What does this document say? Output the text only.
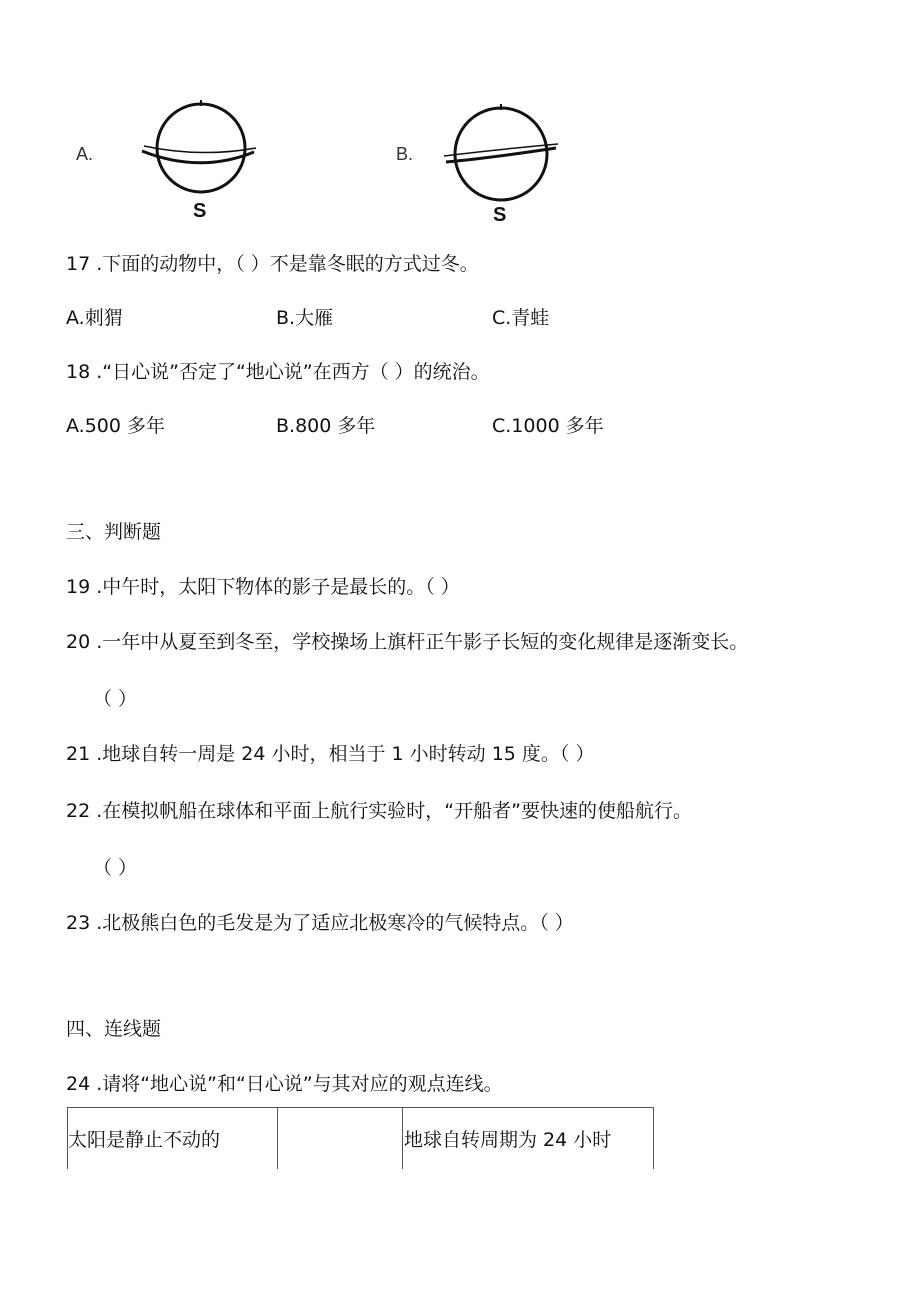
A.
S
B.
S
17 .下面的动物中，（ ）不是靠冬眠的方式过冬。
A.刺猬	B.大雁	C.青蛙
18 .“日心说”否定了“地心说”在西方（ ）的统治。
A.500 多年	B.800 多年	C.1000 多年
三、判断题
19 .中午时，太阳下物体的影子是最长的。（ ）
20 .一年中从夏至到冬至，学校操场上旗杆正午影子长短的变化规律是逐渐变长。
（ ）
21 .地球自转一周是 24 小时，相当于 1 小时转动 15 度。（ ）
22 .在模拟帆船在球体和平面上航行实验时，“开船者”要快速的使船航行。
（ ）
23 .北极熊白色的毛发是为了适应北极寒冷的气候特点。（ ）
四、连线题
24 .请将“地心说”和“日心说”与其对应的观点连线。
太阳是静止不动的	地球自转周期为 24 小时
